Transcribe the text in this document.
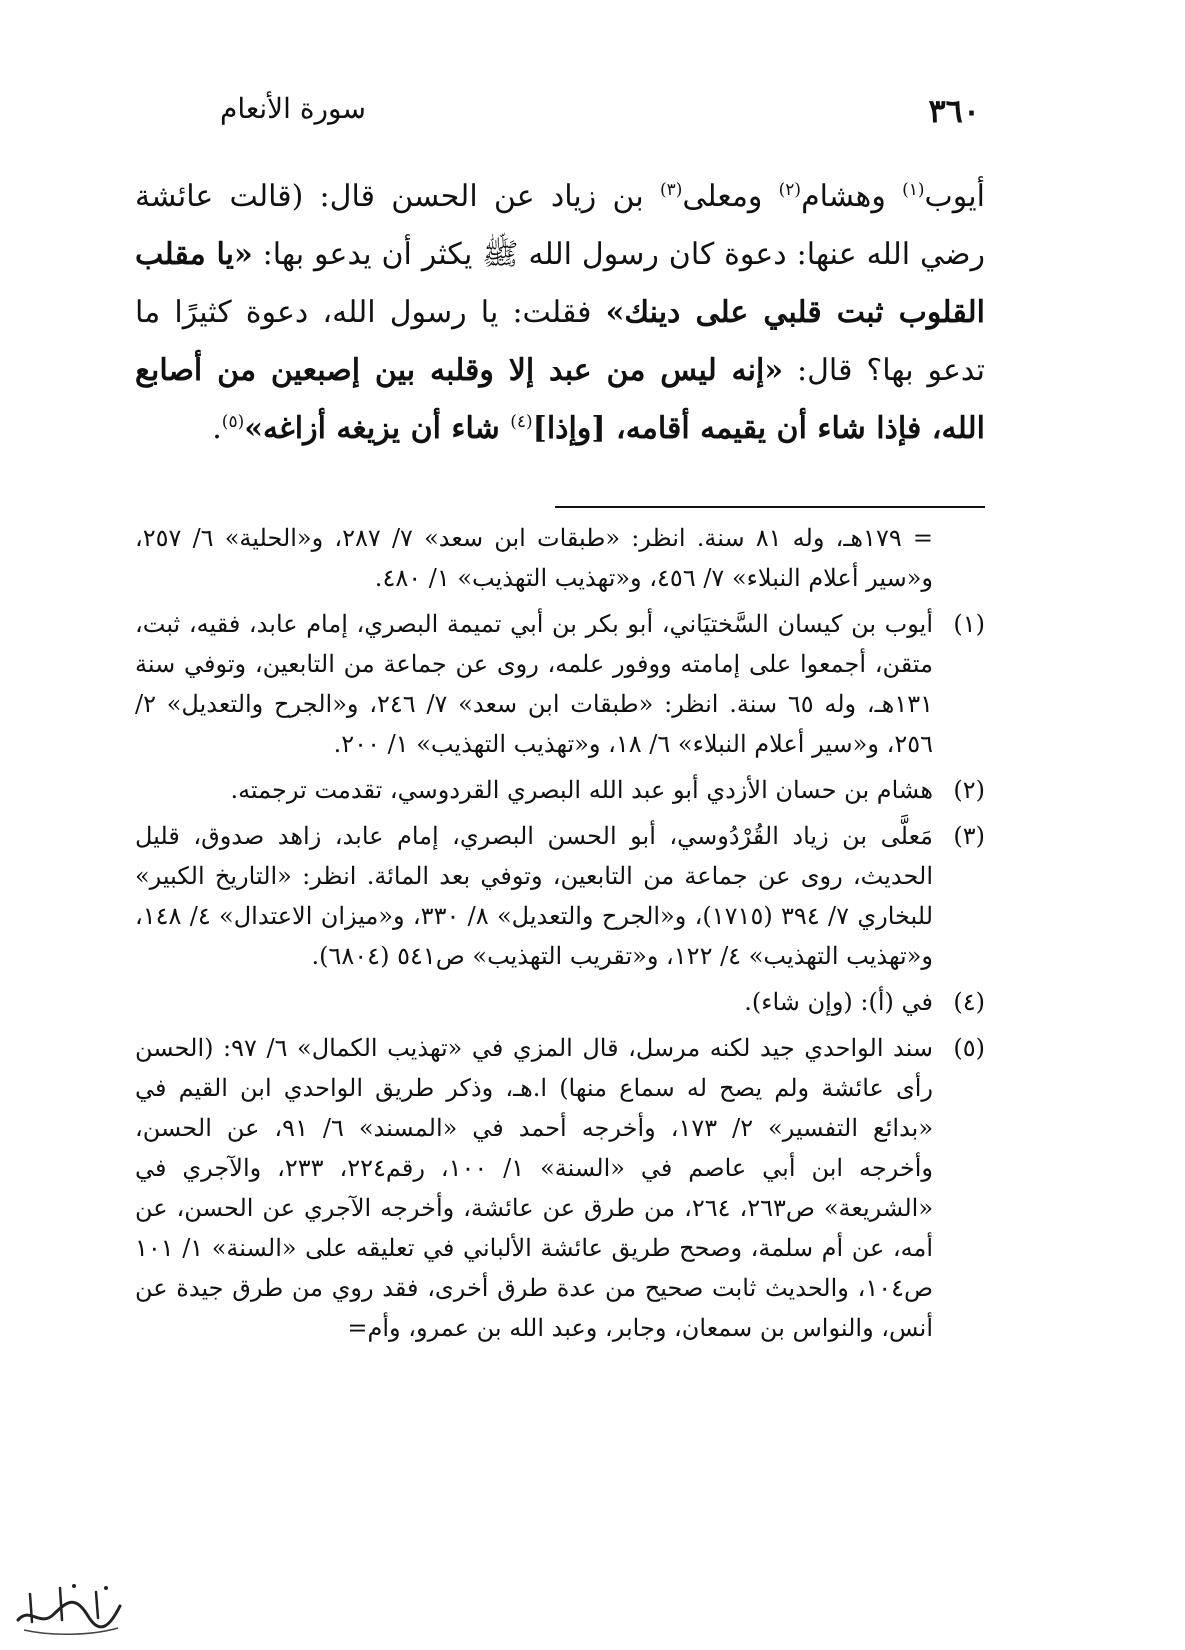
٣٦٠
سورة الأنعام
أيوب$^{(١)}$ وهشام$^{(٢)}$ ومعلى$^{(٣)}$ بن زياد عن الحسن قال: (قالت عائشة رضي الله عنها: دعوة كان رسول الله ﷺ يكثر أن يدعو بها: «يا مقلب القلوب ثبت قلبي على دينك» فقلت: يا رسول الله، دعوة كثيرًا ما تدعو بها؟ قال: «إنه ليس من عبد إلا وقلبه بين إصبعين من أصابع الله، فإذا شاء أن يقيمه أقامه، [وإذا]$^{(٤)}$ شاء أن يزيغه أزاغه»$^{(٥)}$.
= ١٧٩هـ، وله ٨١ سنة. انظر: «طبقات ابن سعد» ٧/ ٢٨٧، و«الحلية» ٦/ ٢٥٧، و«سير أعلام النبلاء» ٧/ ٤٥٦، و«تهذيب التهذيب» ١/ ٤٨٠.
(١)
أيوب بن كيسان السَّختيَاني، أبو بكر بن أبي تميمة البصري، إمام عابد، فقيه، ثبت، متقن، أجمعوا على إمامته ووفور علمه، روى عن جماعة من التابعين، وتوفي سنة ١٣١هـ، وله ٦٥ سنة. انظر: «طبقات ابن سعد» ٧/ ٢٤٦، و«الجرح والتعديل» ٢/ ٢٥٦، و«سير أعلام النبلاء» ٦/ ١٨، و«تهذيب التهذيب» ١/ ٢٠٠.
(٢)
هشام بن حسان الأزدي أبو عبد الله البصري القردوسي، تقدمت ترجمته.
(٣)
مَعلَّى بن زياد القُرْدُوسي، أبو الحسن البصري، إمام عابد، زاهد صدوق، قليل الحديث، روى عن جماعة من التابعين، وتوفي بعد المائة. انظر: «التاريخ الكبير» للبخاري ٧/ ٣٩٤ (١٧١٥)، و«الجرح والتعديل» ٨/ ٣٣٠، و«ميزان الاعتدال» ٤/ ١٤٨، و«تهذيب التهذيب» ٤/ ١٢٢، و«تقريب التهذيب» ص٥٤١ (٦٨٠٤).
(٤)
في (أ): (وإن شاء).
(٥)
سند الواحدي جيد لكنه مرسل، قال المزي في «تهذيب الكمال» ٦/ ٩٧: (الحسن رأى عائشة ولم يصح له سماع منها) ا.هـ، وذكر طريق الواحدي ابن القيم في «بدائع التفسير» ٢/ ١٧٣، وأخرجه أحمد في «المسند» ٦/ ٩١، عن الحسن، وأخرجه ابن أبي عاصم في «السنة» ١/ ١٠٠، رقم٢٢٤، ٢٣٣، والآجري في «الشريعة» ص٢٦٣، ٢٦٤، من طرق عن عائشة، وأخرجه الآجري عن الحسن، عن أمه، عن أم سلمة، وصحح طريق عائشة الألباني في تعليقه على «السنة» ١/ ١٠١ ص١٠٤، والحديث ثابت صحيح من عدة طرق أخرى، فقد روي من طرق جيدة عن أنس، والنواس بن سمعان، وجابر، وعبد الله بن عمرو، وأم=
